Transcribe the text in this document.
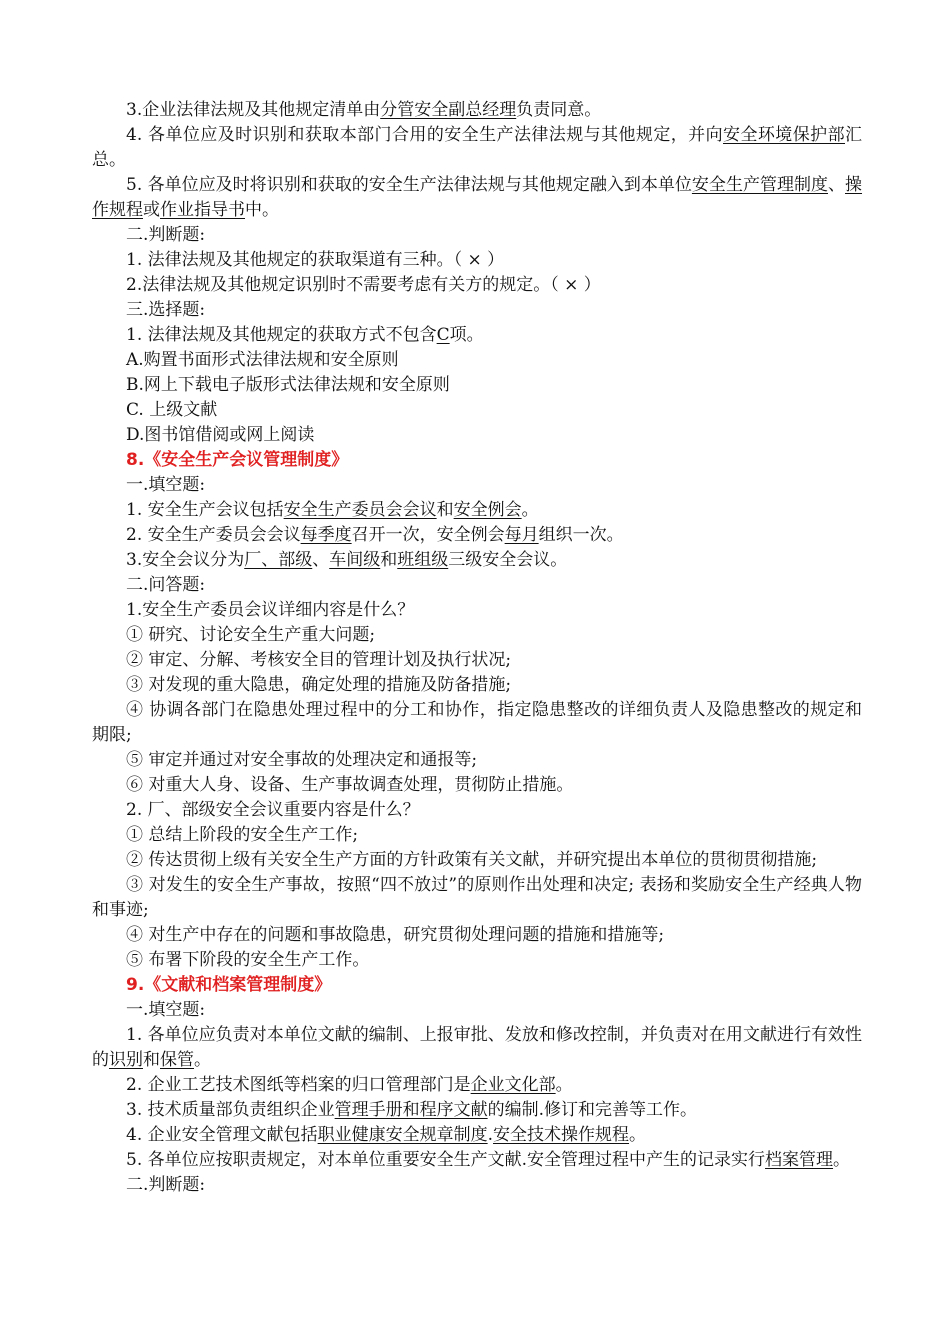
3.企业法律法规及其他规定清单由分管安全副总经理负责同意。

4. 各单位应及时识别和获取本部门合用的安全生产法律法规与其他规定，并向安全环境保护部汇总。

5. 各单位应及时将识别和获取的安全生产法律法规与其他规定融入到本单位安全生产管理制度、操作规程或作业指导书中。

二.判断题:

1. 法律法规及其他规定的获取渠道有三种。（ × ）

2.法律法规及其他规定识别时不需要考虑有关方的规定。（ × ）

三.选择题:

1. 法律法规及其他规定的获取方式不包含C项。

A.购置书面形式法律法规和安全原则

B.网上下载电子版形式法律法规和安全原则

C. 上级文献

D.图书馆借阅或网上阅读

8.《安全生产会议管理制度》

一.填空题:

1. 安全生产会议包括安全生产委员会会议和安全例会。

2. 安全生产委员会会议每季度召开一次，安全例会每月组织一次。

3.安全会议分为厂、部级、车间级和班组级三级安全会议。

二.问答题:

1.安全生产委员会议详细内容是什么？

① 研究、讨论安全生产重大问题;

② 审定、分解、考核安全目的管理计划及执行状况;

③ 对发现的重大隐患，确定处理的措施及防备措施;

④ 协调各部门在隐患处理过程中的分工和协作，指定隐患整改的详细负责人及隐患整改的规定和期限;

⑤ 审定并通过对安全事故的处理决定和通报等;

⑥ 对重大人身、设备、生产事故调查处理，贯彻防止措施。

2. 厂、部级安全会议重要内容是什么？

① 总结上阶段的安全生产工作;

② 传达贯彻上级有关安全生产方面的方针政策有关文献，并研究提出本单位的贯彻贯彻措施;

③ 对发生的安全生产事故，按照“四不放过”的原则作出处理和决定; 表扬和奖励安全生产经典人物和事迹;

④ 对生产中存在的问题和事故隐患，研究贯彻处理问题的措施和措施等;

⑤ 布署下阶段的安全生产工作。

9.《文献和档案管理制度》

一.填空题:

1. 各单位应负责对本单位文献的编制、上报审批、发放和修改控制，并负责对在用文献进行有效性的识别和保管。

2. 企业工艺技术图纸等档案的归口管理部门是企业文化部。

3. 技术质量部负责组织企业管理手册和程序文献的编制.修订和完善等工作。

4. 企业安全管理文献包括职业健康安全规章制度.安全技术操作规程。

5. 各单位应按职责规定，对本单位重要安全生产文献.安全管理过程中产生的记录实行档案管理。

二.判断题:
